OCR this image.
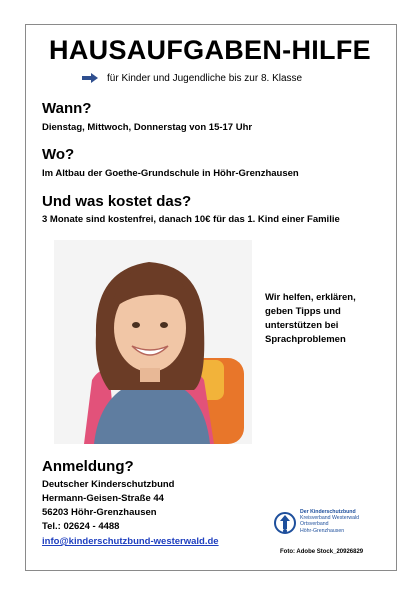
HAUSAUFGABEN-HILFE
für Kinder und Jugendliche bis zur 8. Klasse
Wann?
Dienstag, Mittwoch, Donnerstag von 15-17 Uhr
Wo?
Im Altbau der Goethe-Grundschule in Höhr-Grenzhausen
Und was kostet das?
3 Monate sind kostenfrei, danach 10€ für das 1. Kind einer Familie
Wir helfen, erklären,
geben Tipps und
unterstützen bei
Sprachproblemen
Anmeldung?
Deutscher Kinderschutzbund
Hermann-Geisen-Straße 44
56203 Höhr-Grenzhausen
Tel.: 02624 - 4488
info@kinderschutzbund-westerwald.de
Der Kinderschutzbund
Kreisverband Westerwald
Ortsverband
Höhr-Grenzhausen
Foto: Adobe Stock_20926829
